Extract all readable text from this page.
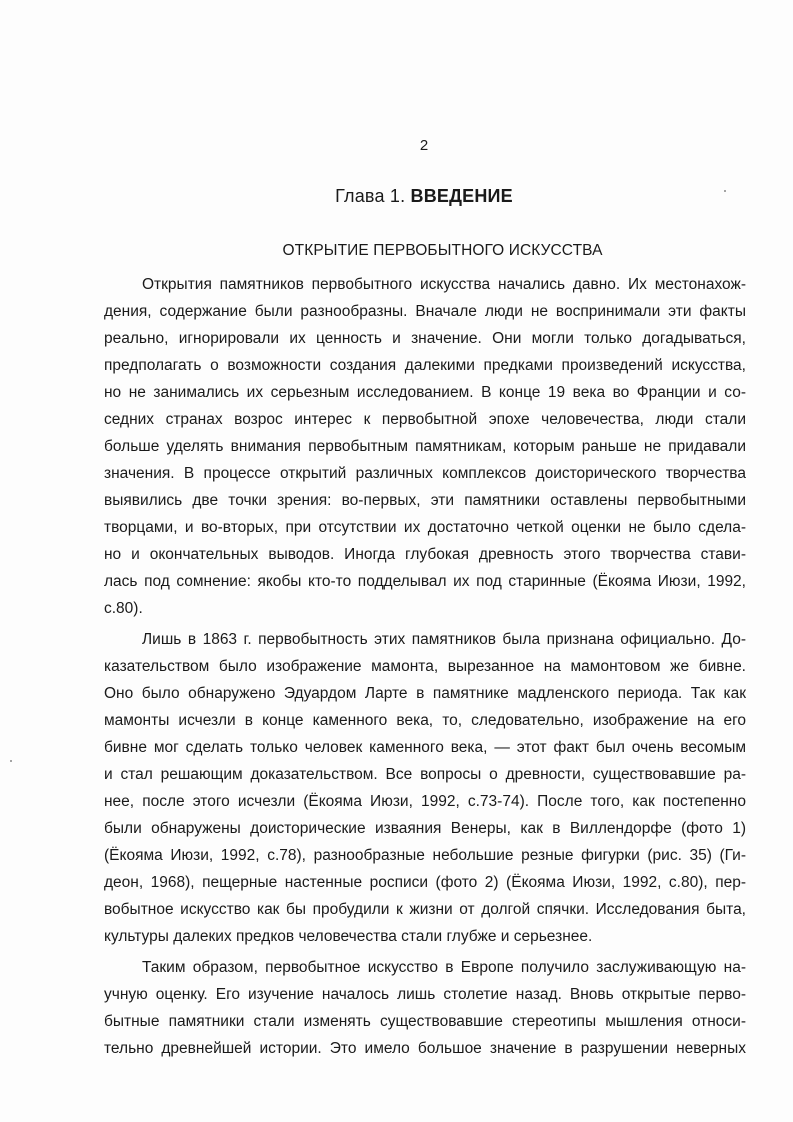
2
Глава 1. ВВЕДЕНИЕ
ОТКРЫТИЕ ПЕРВОБЫТНОГО ИСКУССТВА

Открытия памятников первобытного искусства начались давно. Их местонахож-

дения, содержание были разнообразны. Вначале люди не воспринимали эти факты

реально, игнорировали их ценность и значение. Они могли только догадываться,

предполагать о возможности создания далекими предками произведений искусства,

но не занимались их серьезным исследованием. В конце 19 века во Франции и со-

седних странах возрос интерес к первобытной эпохе человечества, люди стали

больше уделять внимания первобытным памятникам, которым раньше не придавали

значения. В процессе открытий различных комплексов доисторического творчества

выявились две точки зрения: во-первых, эти памятники оставлены первобытными

творцами, и во-вторых, при отсутствии их достаточно четкой оценки не было сдела-

но и окончательных выводов. Иногда глубокая древность этого творчества стави-

лась под сомнение: якобы кто-то подделывал их под старинные (Ёкояма Июзи, 1992,

с.80).

Лишь в 1863 г. первобытность этих памятников была признана официально. До-

казательством было изображение мамонта, вырезанное на мамонтовом же бивне.

Оно было обнаружено Эдуардом Ларте в памятнике мадленского периода. Так как

мамонты исчезли в конце каменного века, то, следовательно, изображение на его

бивне мог сделать только человек каменного века, — этот факт был очень весомым

и стал решающим доказательством. Все вопросы о древности, существовавшие ра-

нее, после этого исчезли (Ёкояма Июзи, 1992, с.73-74). После того, как постепенно

были обнаружены доисторические изваяния Венеры, как в Виллендорфе (фото 1)

(Ёкояма Июзи, 1992, с.78), разнообразные небольшие резные фигурки (рис. 35) (Ги-

деон, 1968), пещерные настенные росписи (фото 2) (Ёкояма Июзи, 1992, с.80), пер-

вобытное искусство как бы пробудили к жизни от долгой спячки. Исследования быта,

культуры далеких предков человечества стали глубже и серьезнее.

Таким образом, первобытное искусство в Европе получило заслуживающую на-

учную оценку. Его изучение началось лишь столетие назад. Вновь открытые перво-

бытные памятники стали изменять существовавшие стереотипы мышления относи-

тельно древнейшей истории. Это имело большое значение в разрушении неверных
